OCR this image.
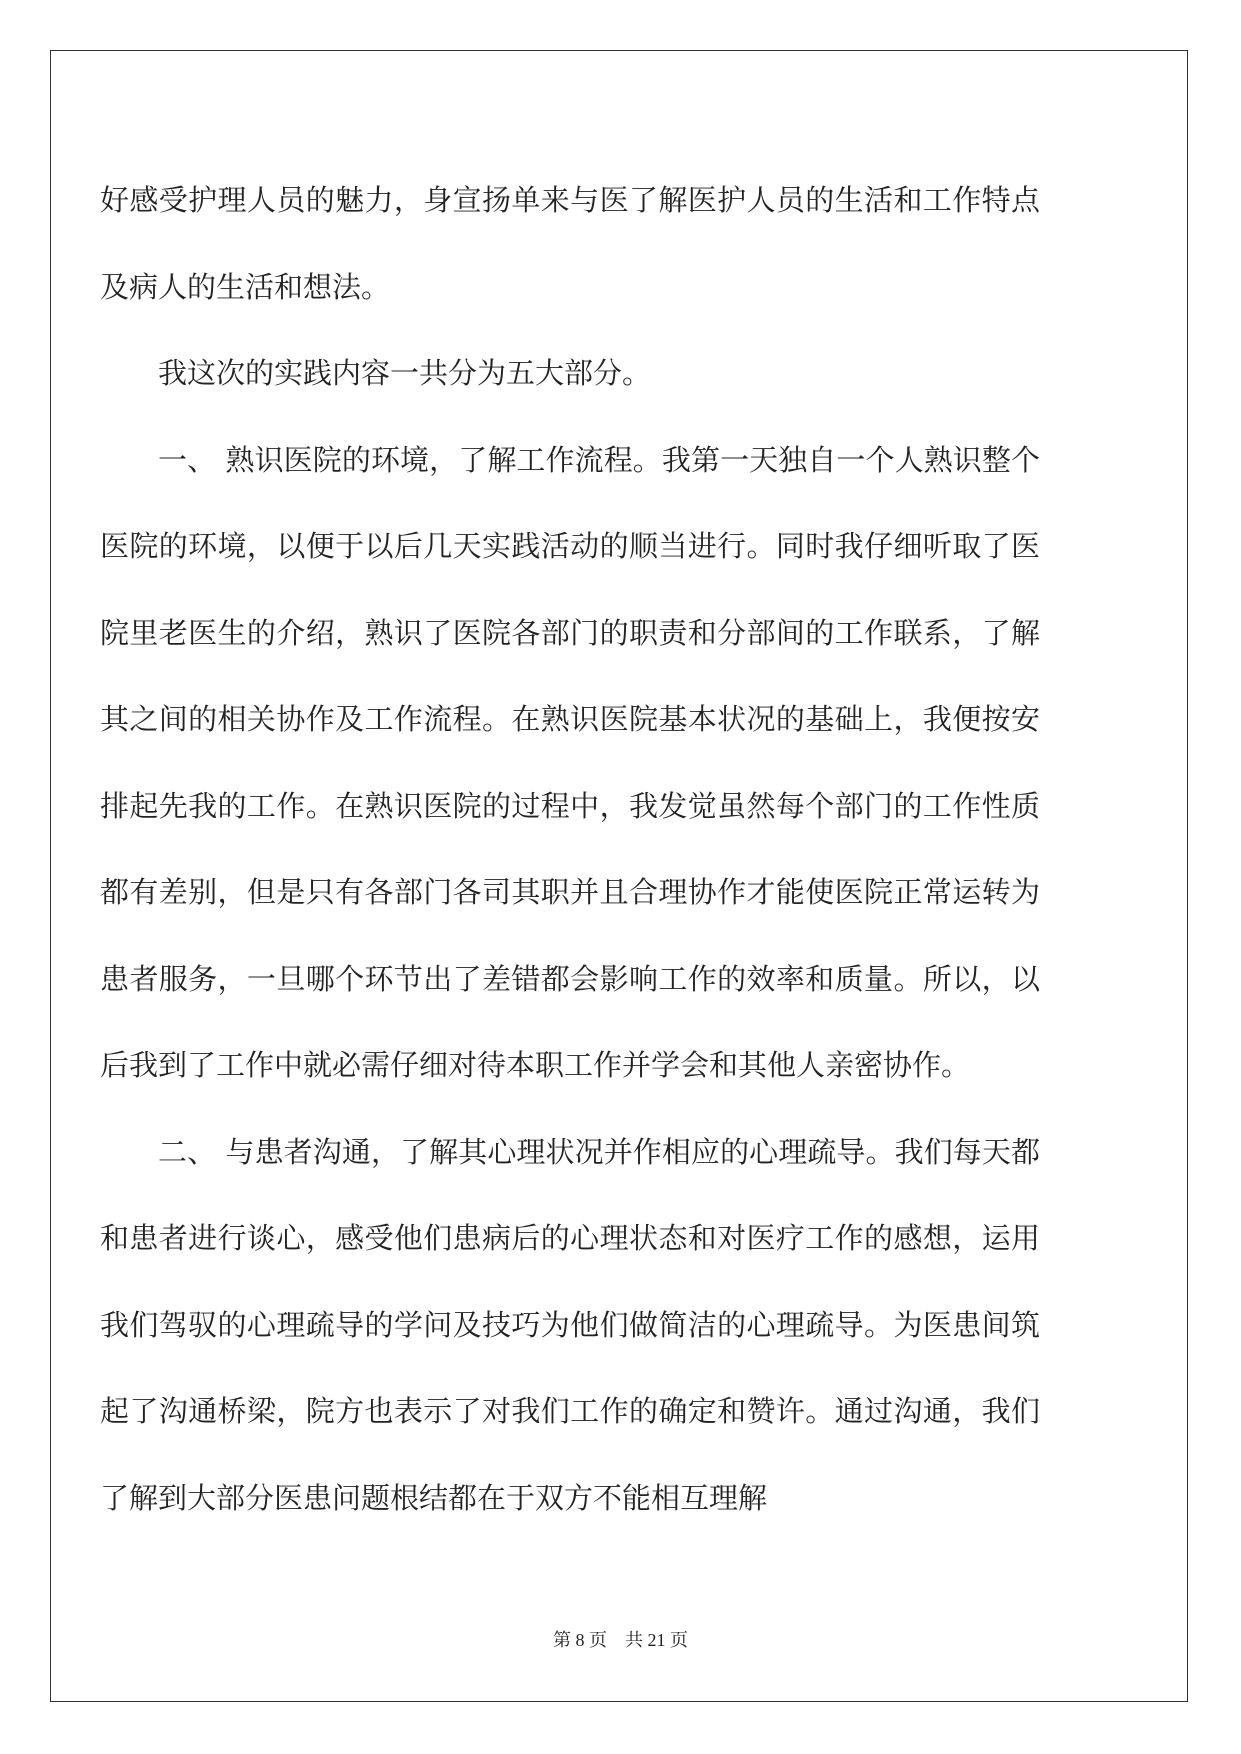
好感受护理人员的魅力，身宣扬单来与医了解医护人员的生活和工作特点及病人的生活和想法。

我这次的实践内容一共分为五大部分。

一、 熟识医院的环境，了解工作流程。我第一天独自一个人熟识整个医院的环境，以便于以后几天实践活动的顺当进行。同时我仔细听取了医院里老医生的介绍，熟识了医院各部门的职责和分部间的工作联系，了解其之间的相关协作及工作流程。在熟识医院基本状况的基础上，我便按安排起先我的工作。在熟识医院的过程中，我发觉虽然每个部门的工作性质都有差别，但是只有各部门各司其职并且合理协作才能使医院正常运转为患者服务，一旦哪个环节出了差错都会影响工作的效率和质量。所以，以后我到了工作中就必需仔细对待本职工作并学会和其他人亲密协作。

二、 与患者沟通，了解其心理状况并作相应的心理疏导。我们每天都和患者进行谈心，感受他们患病后的心理状态和对医疗工作的感想，运用我们驾驭的心理疏导的学问及技巧为他们做简洁的心理疏导。为医患间筑起了沟通桥梁，院方也表示了对我们工作的确定和赞许。通过沟通，我们了解到大部分医患问题根结都在于双方不能相互理解

第 8 页    共 21 页
